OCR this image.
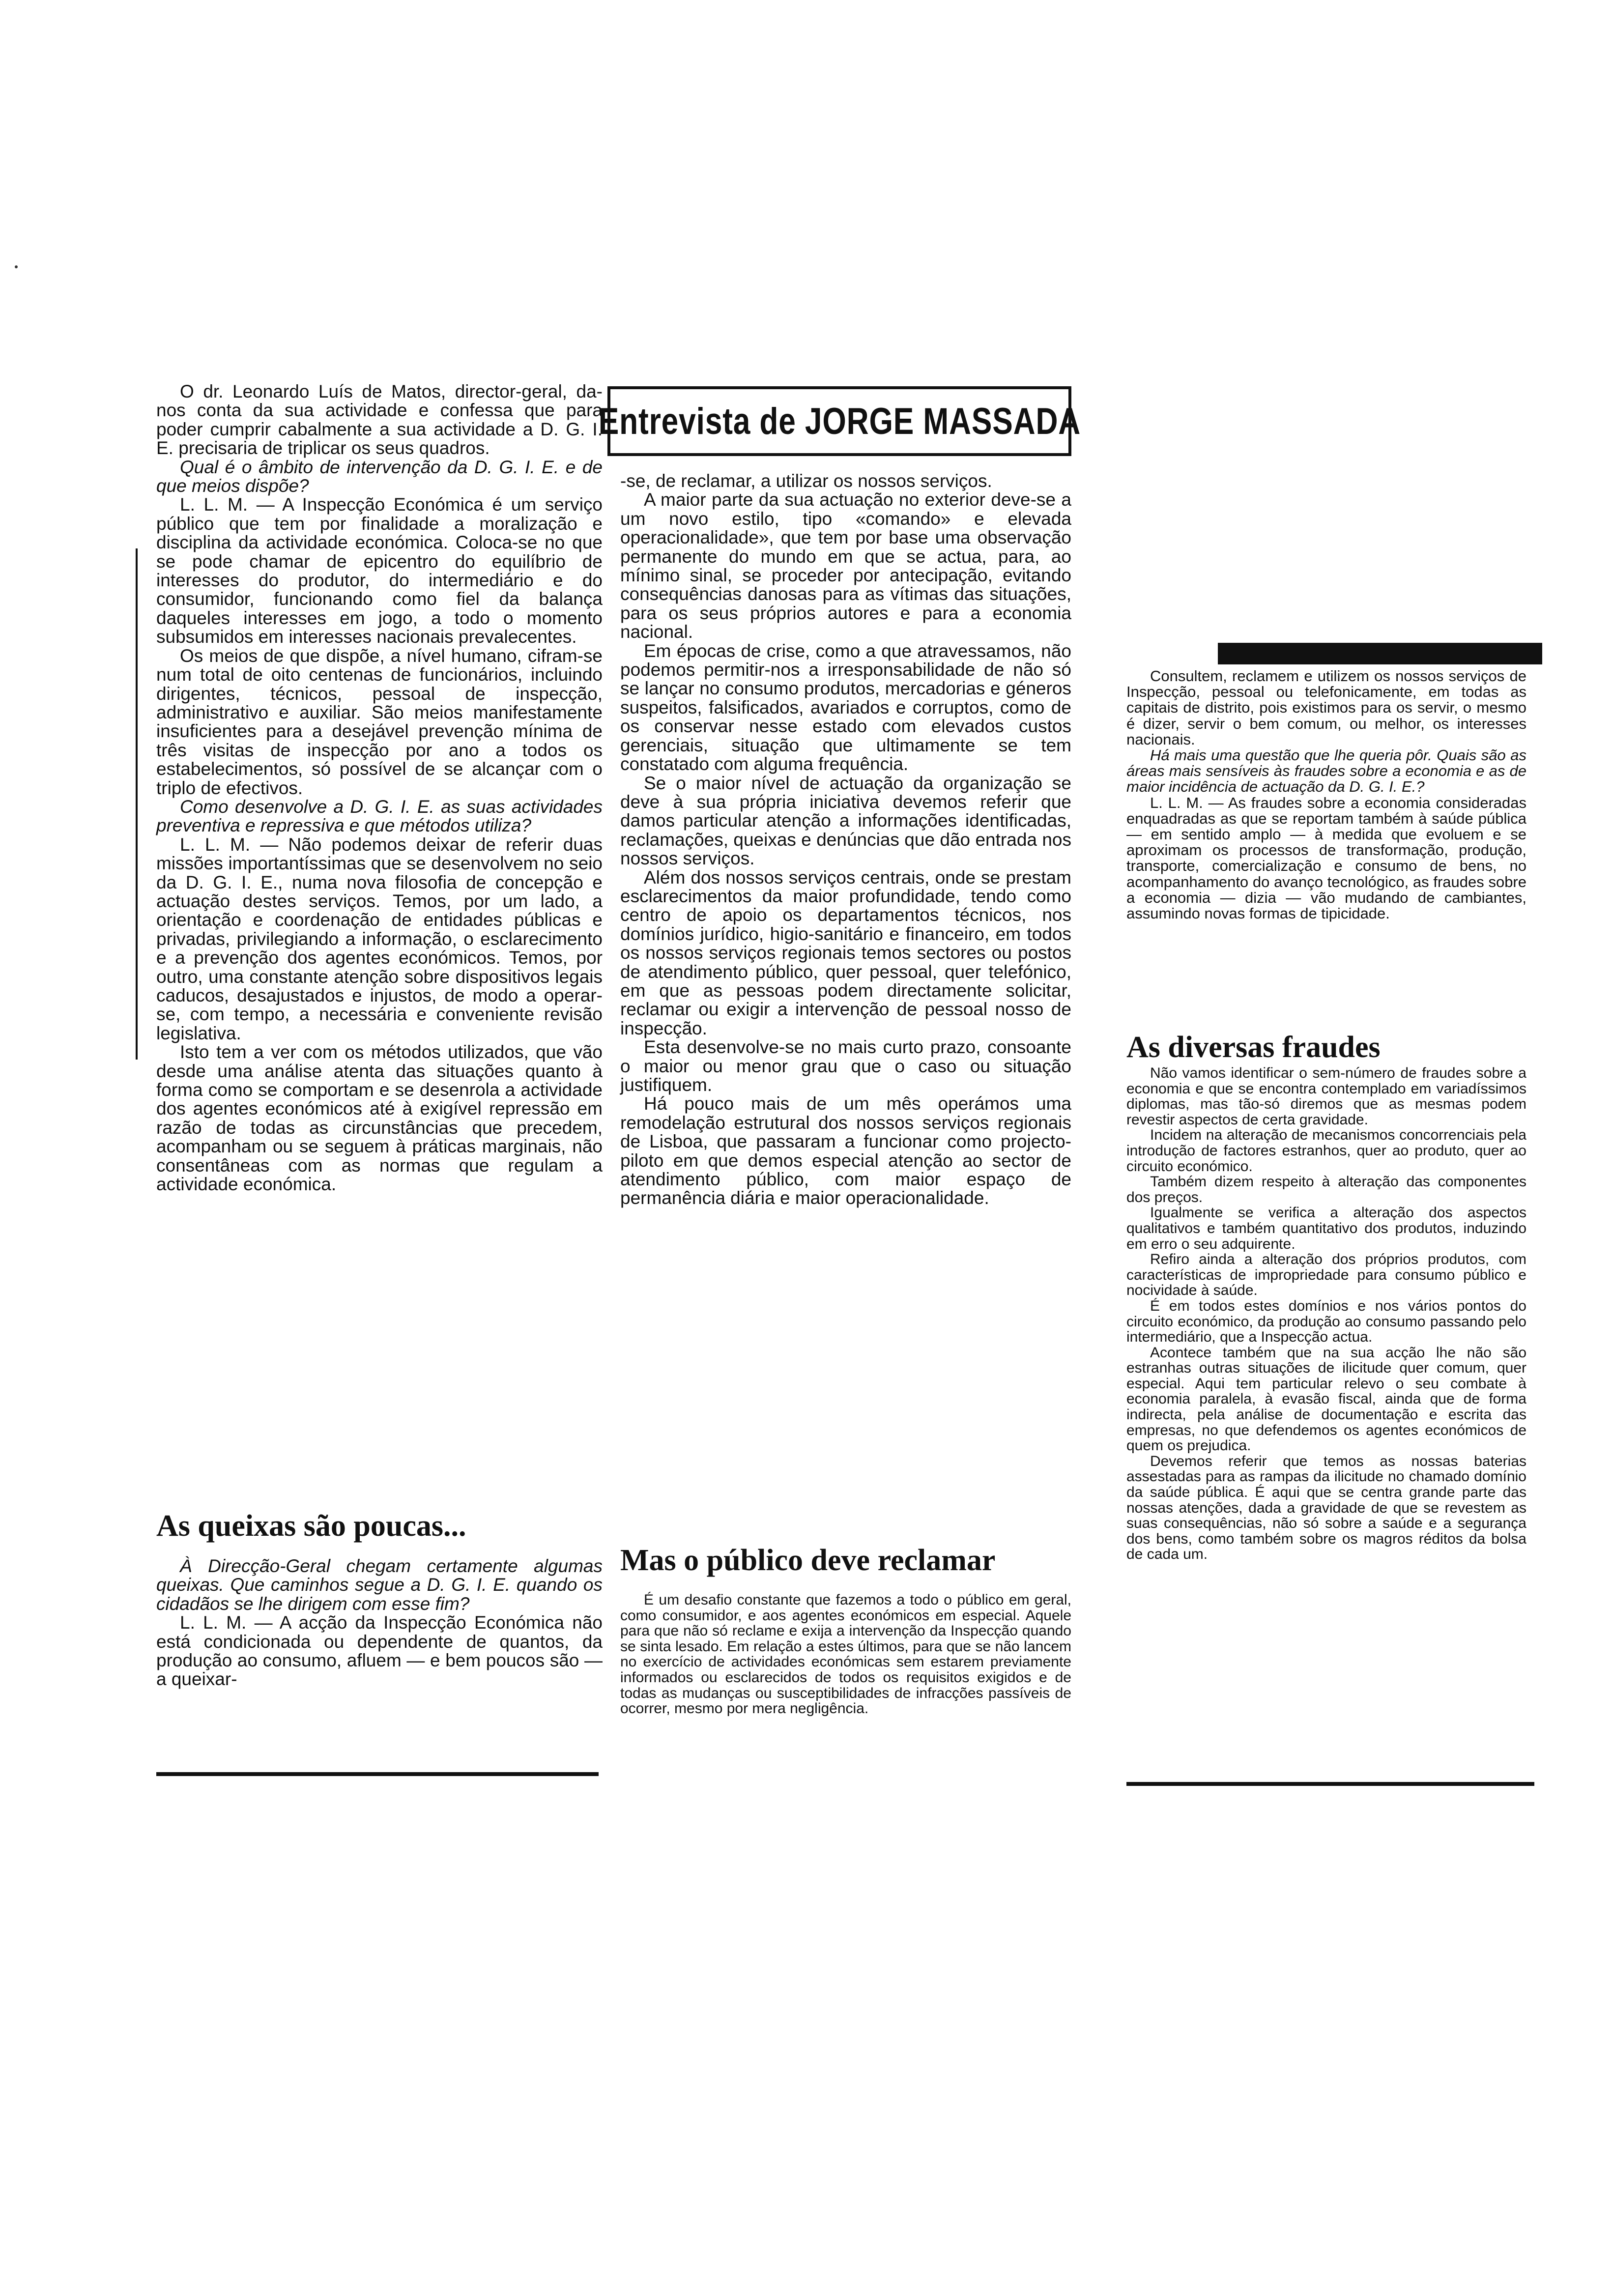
Entrevista de JORGE MASSADA

O dr. Leonardo Luís de Matos, director-geral, da-nos conta da sua actividade e confessa que para poder cumprir cabalmente a sua actividade a D. G. I. E. precisaria de triplicar os seus quadros.

Qual é o âmbito de intervenção da D. G. I. E. e de que meios dispõe?

L. L. M. — A Inspecção Económica é um serviço público que tem por finalidade a moralização e disciplina da actividade económica. Coloca-se no que se pode chamar de epicentro do equilíbrio de interesses do produtor, do intermediário e do consumidor, funcionando como fiel da balança daqueles interesses em jogo, a todo o momento subsumidos em interesses nacionais prevalecentes.

Os meios de que dispõe, a nível humano, cifram-se num total de oito centenas de funcionários, incluindo dirigentes, técnicos, pessoal de inspecção, administrativo e auxiliar. São meios manifestamente insuficientes para a desejável prevenção mínima de três visitas de inspecção por ano a todos os estabelecimentos, só possível de se alcançar com o triplo de efectivos.

Como desenvolve a D. G. I. E. as suas actividades preventiva e repressiva e que métodos utiliza?

L. L. M. — Não podemos deixar de referir duas missões importantíssimas que se desenvolvem no seio da D. G. I. E., numa nova filosofia de concepção e actuação destes serviços. Temos, por um lado, a orientação e coordenação de entidades públicas e privadas, privilegiando a informação, o esclarecimento e a prevenção dos agentes económicos. Temos, por outro, uma constante atenção sobre dispositivos legais caducos, desajustados e injustos, de modo a operar-se, com tempo, a necessária e conveniente revisão legislativa.

Isto tem a ver com os métodos utilizados, que vão desde uma análise atenta das situações quanto à forma como se comportam e se desenrola a actividade dos agentes económicos até à exigível repressão em razão de todas as circunstâncias que precedem, acompanham ou se seguem à práticas marginais, não consentâneas com as normas que regulam a actividade económica.

As queixas são poucas...

À Direcção-Geral chegam certamente algumas queixas. Que caminhos segue a D. G. I. E. quando os cidadãos se lhe dirigem com esse fim?

L. L. M. — A acção da Inspecção Económica não está condicionada ou dependente de quantos, da produção ao consumo, afluem — e bem poucos são — a queixar-

-se, de reclamar, a utilizar os nossos serviços.

A maior parte da sua actuação no exterior deve-se a um novo estilo, tipo «comando» e elevada operacionalidade», que tem por base uma observação permanente do mundo em que se actua, para, ao mínimo sinal, se proceder por antecipação, evitando consequências danosas para as vítimas das situações, para os seus próprios autores e para a economia nacional.

Em épocas de crise, como a que atravessamos, não podemos permitir-nos a irresponsabilidade de não só se lançar no consumo produtos, mercadorias e géneros suspeitos, falsificados, avariados e corruptos, como de os conservar nesse estado com elevados custos gerenciais, situação que ultimamente se tem constatado com alguma frequência.

Se o maior nível de actuação da organização se deve à sua própria iniciativa devemos referir que damos particular atenção a informações identificadas, reclamações, queixas e denúncias que dão entrada nos nossos serviços.

Além dos nossos serviços centrais, onde se prestam esclarecimentos da maior profundidade, tendo como centro de apoio os departamentos técnicos, nos domínios jurídico, higio-sanitário e financeiro, em todos os nossos serviços regionais temos sectores ou postos de atendimento público, quer pessoal, quer telefónico, em que as pessoas podem directamente solicitar, reclamar ou exigir a intervenção de pessoal nosso de inspecção.

Esta desenvolve-se no mais curto prazo, consoante o maior ou menor grau que o caso ou situação justifiquem.

Há pouco mais de um mês operámos uma remodelação estrutural dos nossos serviços regionais de Lisboa, que passaram a funcionar como projecto-piloto em que demos especial atenção ao sector de atendimento público, com maior espaço de permanência diária e maior operacionalidade.

Mas o público deve reclamar

É um desafio constante que fazemos a todo o público em geral, como consumidor, e aos agentes económicos em especial. Aquele para que não só reclame e exija a intervenção da Inspecção quando se sinta lesado. Em relação a estes últimos, para que se não lancem no exercício de actividades económicas sem estarem previamente informados ou esclarecidos de todos os requisitos exigidos e de todas as mudanças ou susceptibilidades de infracções passíveis de ocorrer, mesmo por mera negligência.

Consultem, reclamem e utilizem os nossos serviços de Inspecção, pessoal ou telefonicamente, em todas as capitais de distrito, pois existimos para os servir, o mesmo é dizer, servir o bem comum, ou melhor, os interesses nacionais.

Há mais uma questão que lhe queria pôr. Quais são as áreas mais sensíveis às fraudes sobre a economia e as de maior incidência de actuação da D. G. I. E.?

L. L. M. — As fraudes sobre a economia consideradas enquadradas as que se reportam também à saúde pública — em sentido amplo — à medida que evoluem e se aproximam os processos de transformação, produção, transporte, comercialização e consumo de bens, no acompanhamento do avanço tecnológico, as fraudes sobre a economia — dizia — vão mudando de cambiantes, assumindo novas formas de tipicidade.

As diversas fraudes

Não vamos identificar o sem-número de fraudes sobre a economia e que se encontra contemplado em variadíssimos diplomas, mas tão-só diremos que as mesmas podem revestir aspectos de certa gravidade.

Incidem na alteração de mecanismos concorrenciais pela introdução de factores estranhos, quer ao produto, quer ao circuito económico.

Também dizem respeito à alteração das componentes dos preços.

Igualmente se verifica a alteração dos aspectos qualitativos e também quantitativo dos produtos, induzindo em erro o seu adquirente.

Refiro ainda a alteração dos próprios produtos, com características de impropriedade para consumo público e nocividade à saúde.

É em todos estes domínios e nos vários pontos do circuito económico, da produção ao consumo passando pelo intermediário, que a Inspecção actua.

Acontece também que na sua acção lhe não são estranhas outras situações de ilicitude quer comum, quer especial. Aqui tem particular relevo o seu combate à economia paralela, à evasão fiscal, ainda que de forma indirecta, pela análise de documentação e escrita das empresas, no que defendemos os agentes económicos de quem os prejudica.

Devemos referir que temos as nossas baterias assestadas para as rampas da ilicitude no chamado domínio da saúde pública. É aqui que se centra grande parte das nossas atenções, dada a gravidade de que se revestem as suas consequências, não só sobre a saúde e a segurança dos bens, como também sobre os magros réditos da bolsa de cada um.
